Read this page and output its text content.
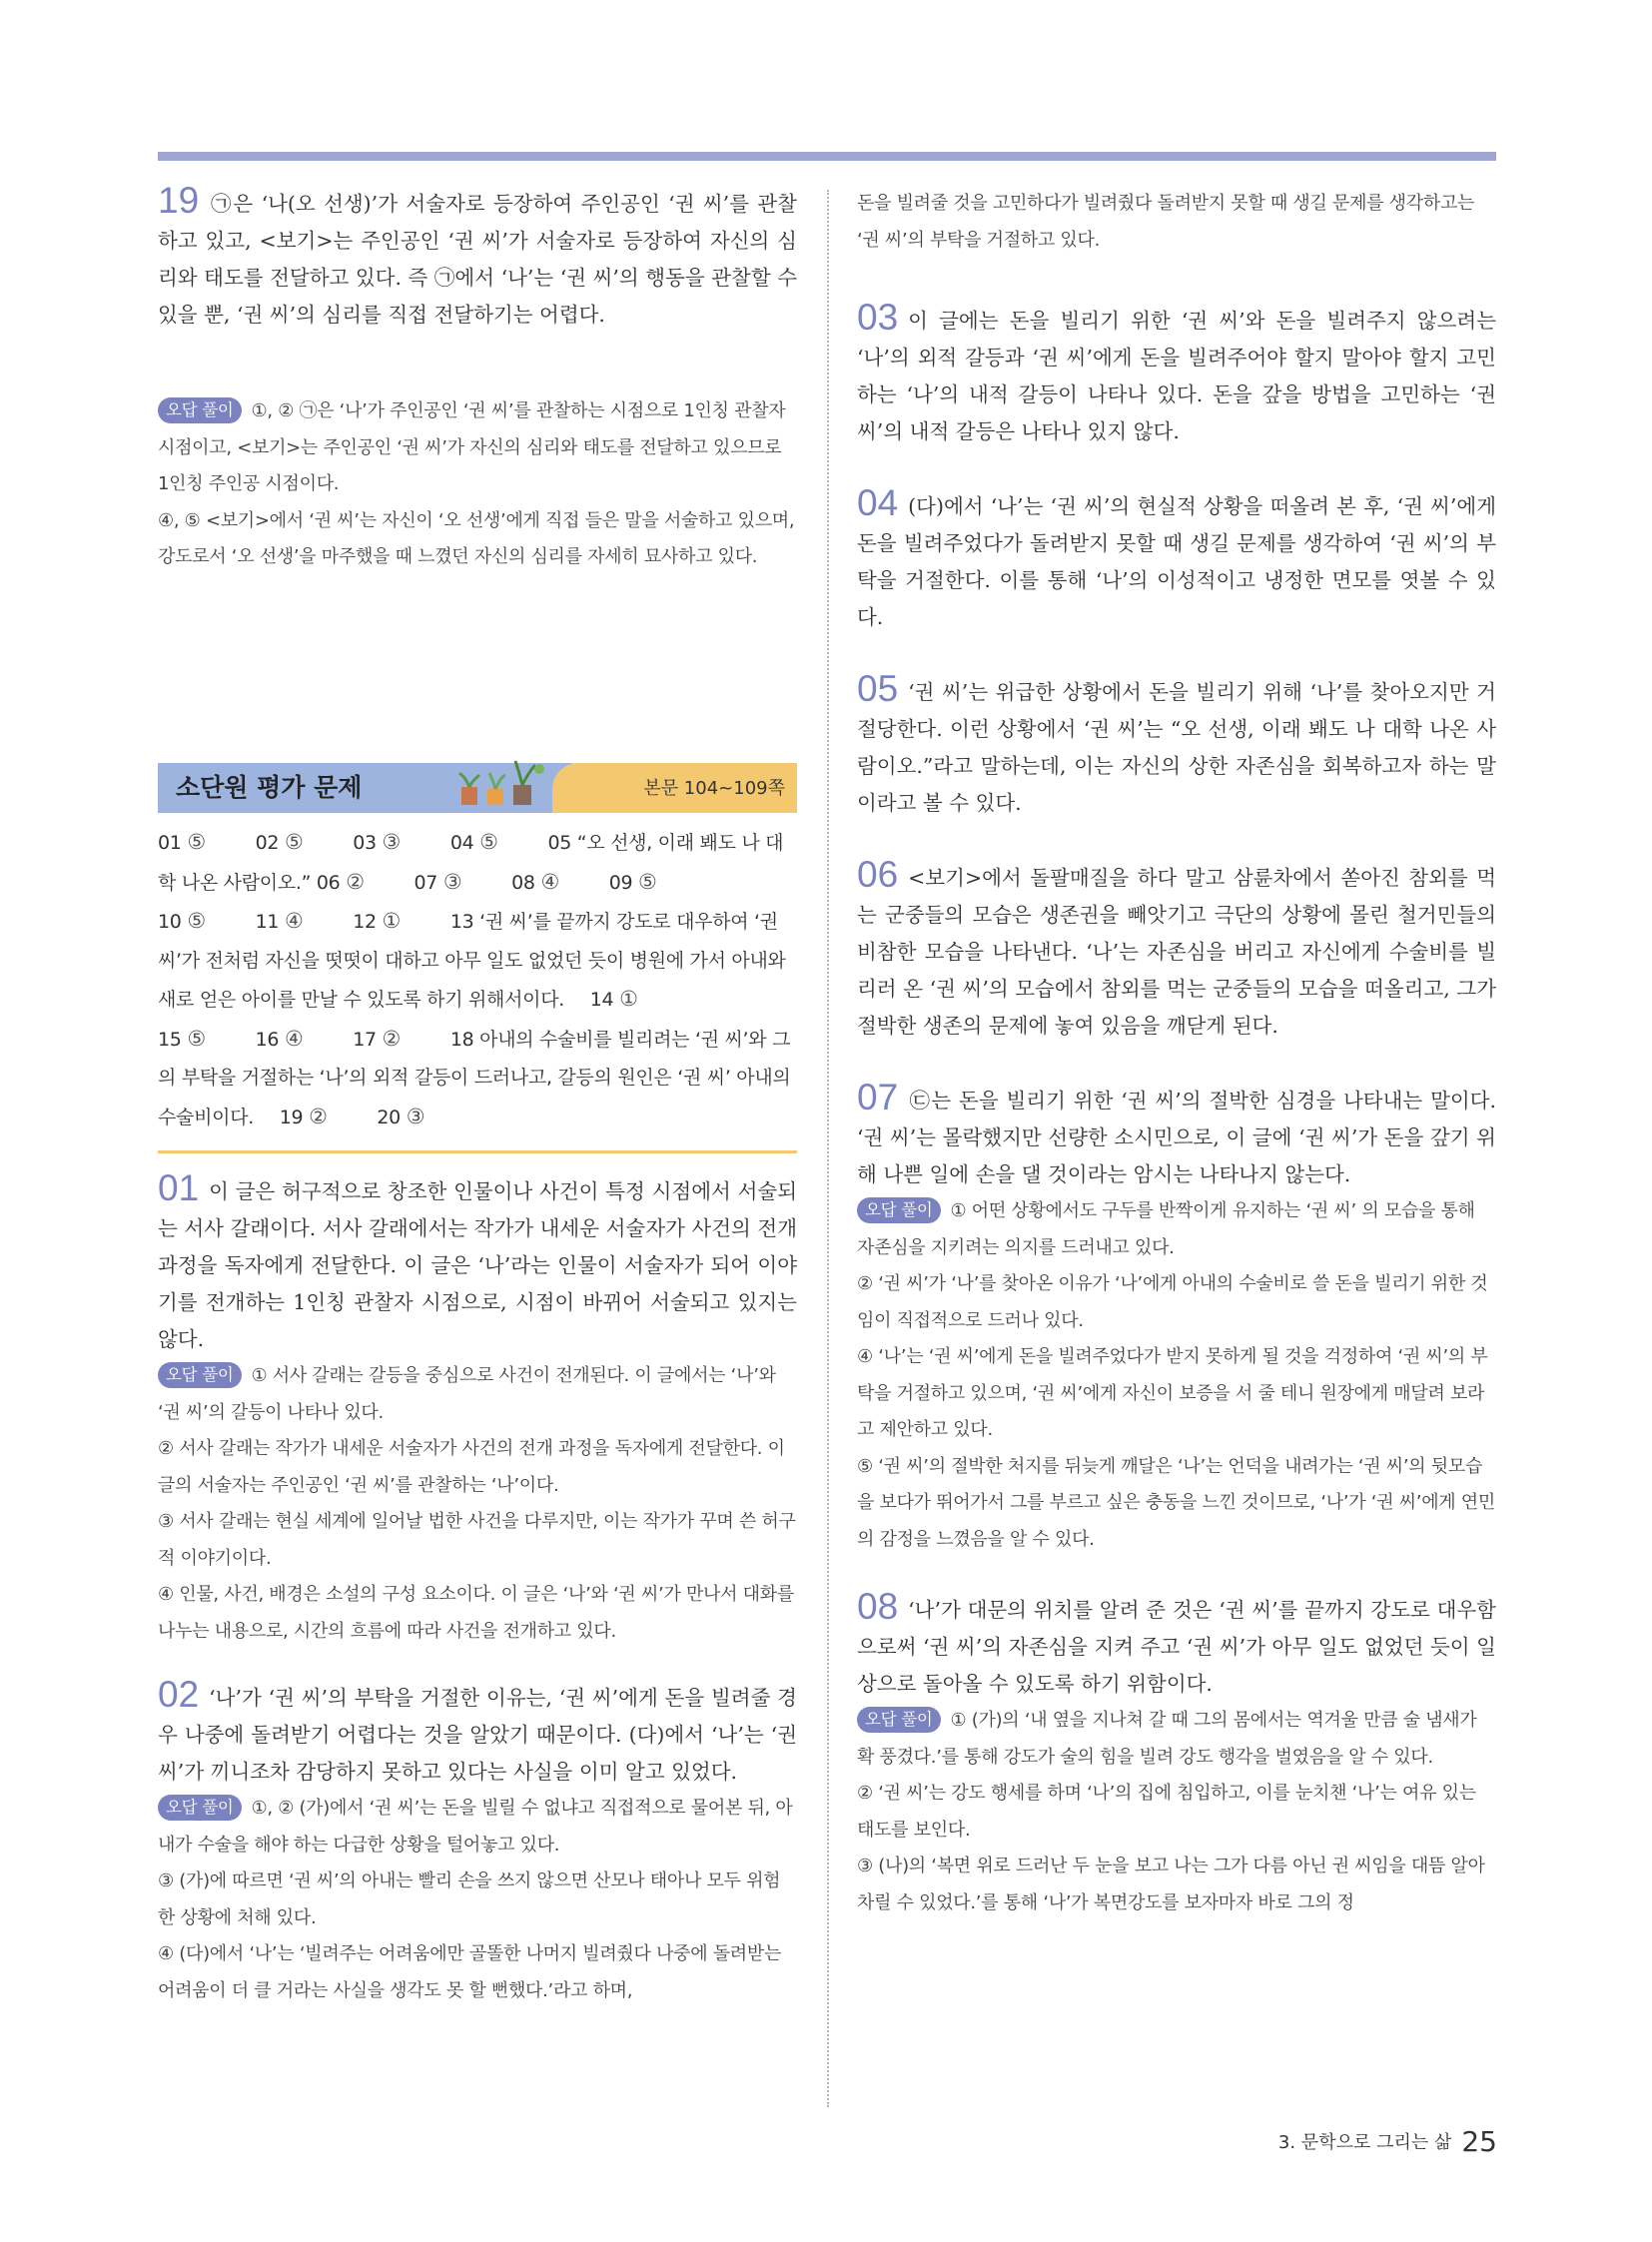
19 ㉠은 ‘나(오 선생)’가 서술자로 등장하여 주인공인 ‘권 씨’를 관찰하고 있고, <보기>는 주인공인 ‘권 씨’가 서술자로 등장하여 자신의 심리와 태도를 전달하고 있다. 즉 ㉠에서 ‘나’는 ‘권 씨’의 행동을 관찰할 수 있을 뿐, ‘권 씨’의 심리를 직접 전달하기는 어렵다.

오답 풀이 ①, ② ㉠은 ‘나’가 주인공인 ‘권 씨’를 관찰하는 시점으로 1인칭 관찰자 시점이고, <보기>는 주인공인 ‘권 씨’가 자신의 심리와 태도를 전달하고 있으므로 1인칭 주인공 시점이다.

④, ⑤ <보기>에서 ‘권 씨’는 자신이 ‘오 선생’에게 직접 들은 말을 서술하고 있으며, 강도로서 ‘오 선생’을 마주했을 때 느꼈던 자신의 심리를 자세히 묘사하고 있다.

소단원 평가 문제	본문 104~109쪽
01 ⑤	02 ⑤	03 ③	04 ⑤	05 “오 선생, 이래 봬도 나 대학 나온 사람이오.” 06 ②	07 ③	08 ④	09 ⑤
10 ⑤	11 ④	12 ①	13 ‘권 씨’를 끝까지 강도로 대우하여 ‘권 씨’가 전처럼 자신을 떳떳이 대하고 아무 일도 없었던 듯이 병원에 가서 아내와 새로 얻은 아이를 만날 수 있도록 하기 위해서이다. 14 ①
15 ⑤	16 ④	17 ②	18 아내의 수술비를 빌리려는 ‘권 씨’와 그의 부탁을 거절하는 ‘나’의 외적 갈등이 드러나고, 갈등의 원인은 ‘권 씨’ 아내의 수술비이다. 19 ②	20 ③

01 이 글은 허구적으로 창조한 인물이나 사건이 특정 시점에서 서술되는 서사 갈래이다. 서사 갈래에서는 작가가 내세운 서술자가 사건의 전개 과정을 독자에게 전달한다. 이 글은 ‘나’라는 인물이 서술자가 되어 이야기를 전개하는 1인칭 관찰자 시점으로, 시점이 바뀌어 서술되고 있지는 않다.

오답 풀이 ① 서사 갈래는 갈등을 중심으로 사건이 전개된다. 이 글에서는 ‘나’와 ‘권 씨’의 갈등이 나타나 있다.

② 서사 갈래는 작가가 내세운 서술자가 사건의 전개 과정을 독자에게 전달한다. 이 글의 서술자는 주인공인 ‘권 씨’를 관찰하는 ‘나’이다.

③ 서사 갈래는 현실 세계에 일어날 법한 사건을 다루지만, 이는 작가가 꾸며 쓴 허구적 이야기이다.

④ 인물, 사건, 배경은 소설의 구성 요소이다. 이 글은 ‘나’와 ‘권 씨’가 만나서 대화를 나누는 내용으로, 시간의 흐름에 따라 사건을 전개하고 있다.

02 ‘나’가 ‘권 씨’의 부탁을 거절한 이유는, ‘권 씨’에게 돈을 빌려줄 경우 나중에 돌려받기 어렵다는 것을 알았기 때문이다. (다)에서 ‘나’는 ‘권 씨’가 끼니조차 감당하지 못하고 있다는 사실을 이미 알고 있었다.

오답 풀이 ①, ② (가)에서 ‘권 씨’는 돈을 빌릴 수 없냐고 직접적으로 물어본 뒤, 아내가 수술을 해야 하는 다급한 상황을 털어놓고 있다.

③ (가)에 따르면 ‘권 씨’의 아내는 빨리 손을 쓰지 않으면 산모나 태아나 모두 위험한 상황에 처해 있다.

④ (다)에서 ‘나’는 ‘빌려주는 어려움에만 골똘한 나머지 빌려줬다 나중에 돌려받는 어려움이 더 클 거라는 사실을 생각도 못 할 뻔했다.’라고 하며,

돈을 빌려줄 것을 고민하다가 빌려줬다 돌려받지 못할 때 생길 문제를 생각하고는 ‘권 씨’의 부탁을 거절하고 있다.

03 이 글에는 돈을 빌리기 위한 ‘권 씨’와 돈을 빌려주지 않으려는 ‘나’의 외적 갈등과 ‘권 씨’에게 돈을 빌려주어야 할지 말아야 할지 고민하는 ‘나’의 내적 갈등이 나타나 있다. 돈을 갚을 방법을 고민하는 ‘권 씨’의 내적 갈등은 나타나 있지 않다.

04 (다)에서 ‘나’는 ‘권 씨’의 현실적 상황을 떠올려 본 후, ‘권 씨’에게 돈을 빌려주었다가 돌려받지 못할 때 생길 문제를 생각하여 ‘권 씨’의 부탁을 거절한다. 이를 통해 ‘나’의 이성적이고 냉정한 면모를 엿볼 수 있다.

05 ‘권 씨’는 위급한 상황에서 돈을 빌리기 위해 ‘나’를 찾아오지만 거절당한다. 이런 상황에서 ‘권 씨’는 “오 선생, 이래 봬도 나 대학 나온 사람이오.”라고 말하는데, 이는 자신의 상한 자존심을 회복하고자 하는 말이라고 볼 수 있다.

06 <보기>에서 돌팔매질을 하다 말고 삼륜차에서 쏟아진 참외를 먹는 군중들의 모습은 생존권을 빼앗기고 극단의 상황에 몰린 철거민들의 비참한 모습을 나타낸다. ‘나’는 자존심을 버리고 자신에게 수술비를 빌리러 온 ‘권 씨’의 모습에서 참외를 먹는 군중들의 모습을 떠올리고, 그가 절박한 생존의 문제에 놓여 있음을 깨닫게 된다.

07 ㉢는 돈을 빌리기 위한 ‘권 씨’의 절박한 심경을 나타내는 말이다. ‘권 씨’는 몰락했지만 선량한 소시민으로, 이 글에 ‘권 씨’가 돈을 갚기 위해 나쁜 일에 손을 댈 것이라는 암시는 나타나지 않는다.

오답 풀이 ① 어떤 상황에서도 구두를 반짝이게 유지하는 ‘권 씨’ 의 모습을 통해 자존심을 지키려는 의지를 드러내고 있다.

② ‘권 씨’가 ‘나’를 찾아온 이유가 ‘나’에게 아내의 수술비로 쓸 돈을 빌리기 위한 것임이 직접적으로 드러나 있다.

④ ‘나’는 ‘권 씨’에게 돈을 빌려주었다가 받지 못하게 될 것을 걱정하여 ‘권 씨’의 부탁을 거절하고 있으며, ‘권 씨’에게 자신이 보증을 서 줄 테니 원장에게 매달려 보라고 제안하고 있다.

⑤ ‘권 씨’의 절박한 처지를 뒤늦게 깨달은 ‘나’는 언덕을 내려가는 ‘권 씨’의 뒷모습을 보다가 뛰어가서 그를 부르고 싶은 충동을 느낀 것이므로, ‘나’가 ‘권 씨’에게 연민의 감정을 느꼈음을 알 수 있다.

08 ‘나’가 대문의 위치를 알려 준 것은 ‘권 씨’를 끝까지 강도로 대우함으로써 ‘권 씨’의 자존심을 지켜 주고 ‘권 씨’가 아무 일도 없었던 듯이 일상으로 돌아올 수 있도록 하기 위함이다.

오답 풀이 ① (가)의 ‘내 옆을 지나쳐 갈 때 그의 몸에서는 역겨울 만큼 술 냄새가 확 풍겼다.’를 통해 강도가 술의 힘을 빌려 강도 행각을 벌였음을 알 수 있다.

② ‘권 씨’는 강도 행세를 하며 ‘나’의 집에 침입하고, 이를 눈치챈 ‘나’는 여유 있는 태도를 보인다.

③ (나)의 ‘복면 위로 드러난 두 눈을 보고 나는 그가 다름 아닌 권 씨임을 대뜸 알아차릴 수 있었다.’를 통해 ‘나’가 복면강도를 보자마자 바로 그의 정

3. 문학으로 그리는 삶 25
